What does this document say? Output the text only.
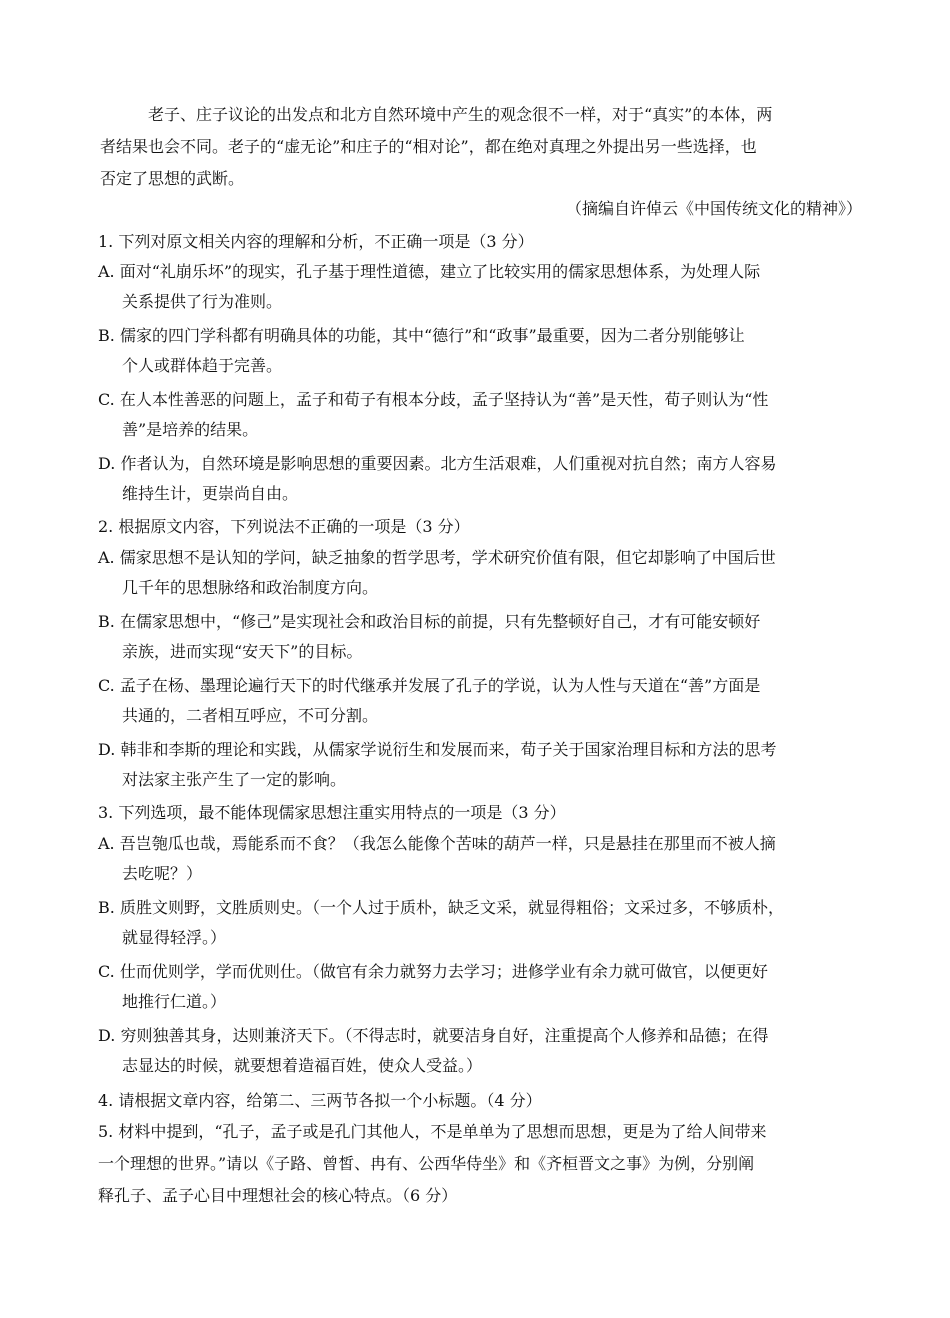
老子、庄子议论的出发点和北方自然环境中产生的观念很不一样，对于“真实”的本体，两

者结果也会不同。老子的“虚无论”和庄子的“相对论”，都在绝对真理之外提出另一些选择，也

否定了思想的武断。

（摘编自许倬云《中国传统文化的精神》）

1. 下列对原文相关内容的理解和分析，不正确一项是（3 分）

A. 面对“礼崩乐坏”的现实，孔子基于理性道德，建立了比较实用的儒家思想体系，为处理人际
关系提供了行为准则。
B. 儒家的四门学科都有明确具体的功能，其中“德行”和“政事”最重要，因为二者分别能够让
个人或群体趋于完善。
C. 在人本性善恶的问题上，孟子和荀子有根本分歧，孟子坚持认为“善”是天性，荀子则认为“性
善”是培养的结果。
D. 作者认为，自然环境是影响思想的重要因素。北方生活艰难，人们重视对抗自然；南方人容易
维持生计，更崇尚自由。

2. 根据原文内容，下列说法不正确的一项是（3 分）

A. 儒家思想不是认知的学问，缺乏抽象的哲学思考，学术研究价值有限，但它却影响了中国后世
几千年的思想脉络和政治制度方向。
B. 在儒家思想中，“修己”是实现社会和政治目标的前提，只有先整顿好自己，才有可能安顿好
亲族，进而实现“安天下”的目标。
C. 孟子在杨、墨理论遍行天下的时代继承并发展了孔子的学说，认为人性与天道在“善”方面是
共通的，二者相互呼应，不可分割。
D. 韩非和李斯的理论和实践，从儒家学说衍生和发展而来，荀子关于国家治理目标和方法的思考
对法家主张产生了一定的影响。

3. 下列选项，最不能体现儒家思想注重实用特点的一项是（3 分）

A. 吾岂匏瓜也哉，焉能系而不食？（我怎么能像个苦味的葫芦一样，只是悬挂在那里而不被人摘
去吃呢？）
B. 质胜文则野，文胜质则史。（一个人过于质朴，缺乏文采，就显得粗俗；文采过多，不够质朴，
就显得轻浮。）
C. 仕而优则学，学而优则仕。（做官有余力就努力去学习；进修学业有余力就可做官，以便更好
地推行仁道。）
D. 穷则独善其身，达则兼济天下。（不得志时，就要洁身自好，注重提高个人修养和品德；在得
志显达的时候，就要想着造福百姓，使众人受益。）

4. 请根据文章内容，给第二、三两节各拟一个小标题。（4 分）

5. 材料中提到，“孔子，孟子或是孔门其他人，不是单单为了思想而思想，更是为了给人间带来

一个理想的世界。”请以《子路、曾皙、冉有、公西华侍坐》和《齐桓晋文之事》为例，分别阐

释孔子、孟子心目中理想社会的核心特点。（6 分）
